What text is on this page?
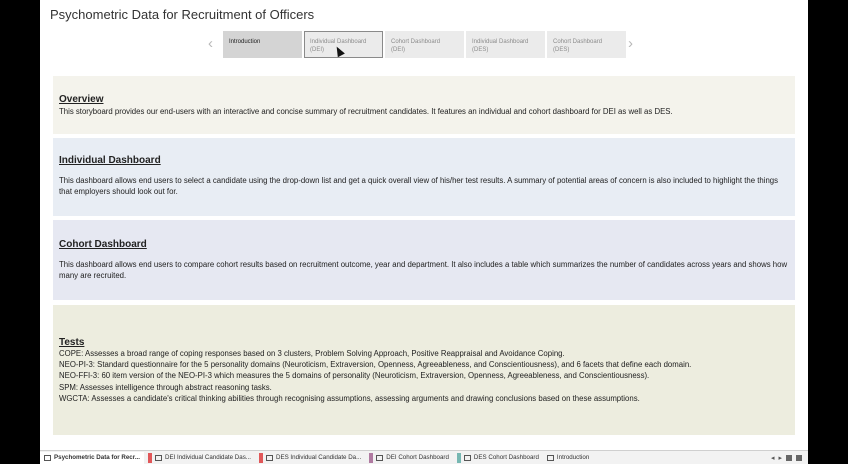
Psychometric Data for Recruitment of Officers
‹	Introduction	Individual Dashboard
(DEI)
Cohort Dashboard
(DEI)
Individual Dashboard
(DES)
Cohort Dashboard
(DES)	›
Overview

This storyboard provides our end-users with an interactive and concise summary of recruitment candidates. It features an individual and cohort dashboard for DEI as well as DES.

Individual Dashboard

This dashboard allows end users to select a candidate using the drop-down list and get a quick overall view of his/her test results. A summary of potential areas of concern is also included to highlight the things that employers should look out for.

Cohort Dashboard

This dashboard allows end users to compare cohort results based on recruitment outcome, year and department. It also includes a table which summarizes the number of candidates across years and shows how many are recruited.

Tests
COPE: Assesses a broad range of coping responses based on 3 clusters, Problem Solving Approach, Positive Reappraisal and Avoidance Coping.
NEO-PI-3: Standard questionnaire for the 5 personality domains (Neuroticism, Extraversion, Openness, Agreeableness, and Conscientiousness), and 6 facets that define each domain.
NEO-FFI-3: 60 item version of the NEO-PI-3 which measures the 5 domains of personality (Neuroticism, Extraversion, Openness, Agreeableness, and Conscientiousness).
SPM: Assesses intelligence through abstract reasoning tasks.
WGCTA: Assesses a candidate's critical thinking abilities through recognising assumptions, assessing arguments and drawing conclusions based on these assumptions.
Psychometric Data for Recr...	DEI Individual Candidate Das...	DES Individual Candidate Da...	DEI Cohort Dashboard	DES Cohort Dashboard	Introduction	◂ ▸
